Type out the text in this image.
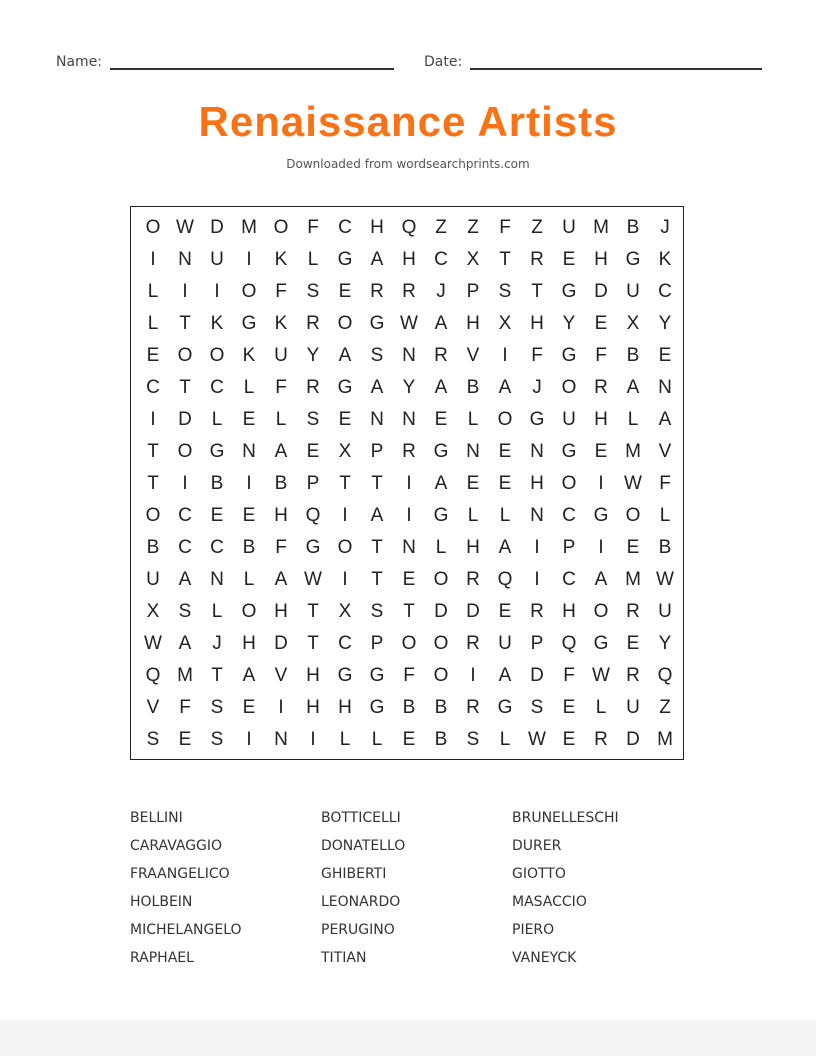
Name:	Date:
Renaissance Artists
Downloaded from wordsearchprints.com
O W D M O F	C H Q Z	Z	F	Z	U M B	J
I	N U	I	K	L	G A H C X	T	R E H G K
L	I	I	O F	S	E R R	J	P	S	T G D U C
L	T	K G K R O G W A H X H Y	E	X	Y
E O O K U Y	A	S N R V	I	F G F	B	E
C	T	C	L	F	R G A	Y	A	B	A	J	O R A N
I	D	L	E	L	S	E N N E	L	O G U H	L	A
T O G N A	E	X	P R G N E N G E M V
T	I	B	I	B	P	T	T	I	A	E	E H O	I	W F
O C E	E H Q	I	A	I	G	L	L	N C G O	L
B C C B	F G O T	N	L	H A	I	P	I	E	B
U A N	L	A W	I	T	E O R Q	I	C A M W
X	S	L	O H	T	X	S	T	D D E R H O R U
W A	J	H D	T	C P O O R U P Q G E	Y
Q M T	A	V H G G F O	I	A D	F W R Q
V	F	S	E	I	H H G B	B R G S	E	L	U	Z
S	E	S	I	N	I	L	L	E	B	S	L W E R D M
BELLINI	BOTTICELLI	BRUNELLESCHI
CARAVAGGIO	DONATELLO	DURER
FRAANGELICO	GHIBERTI	GIOTTO
HOLBEIN	LEONARDO	MASACCIO
MICHELANGELO	PERUGINO	PIERO
RAPHAEL	TITIAN	VANEYCK
